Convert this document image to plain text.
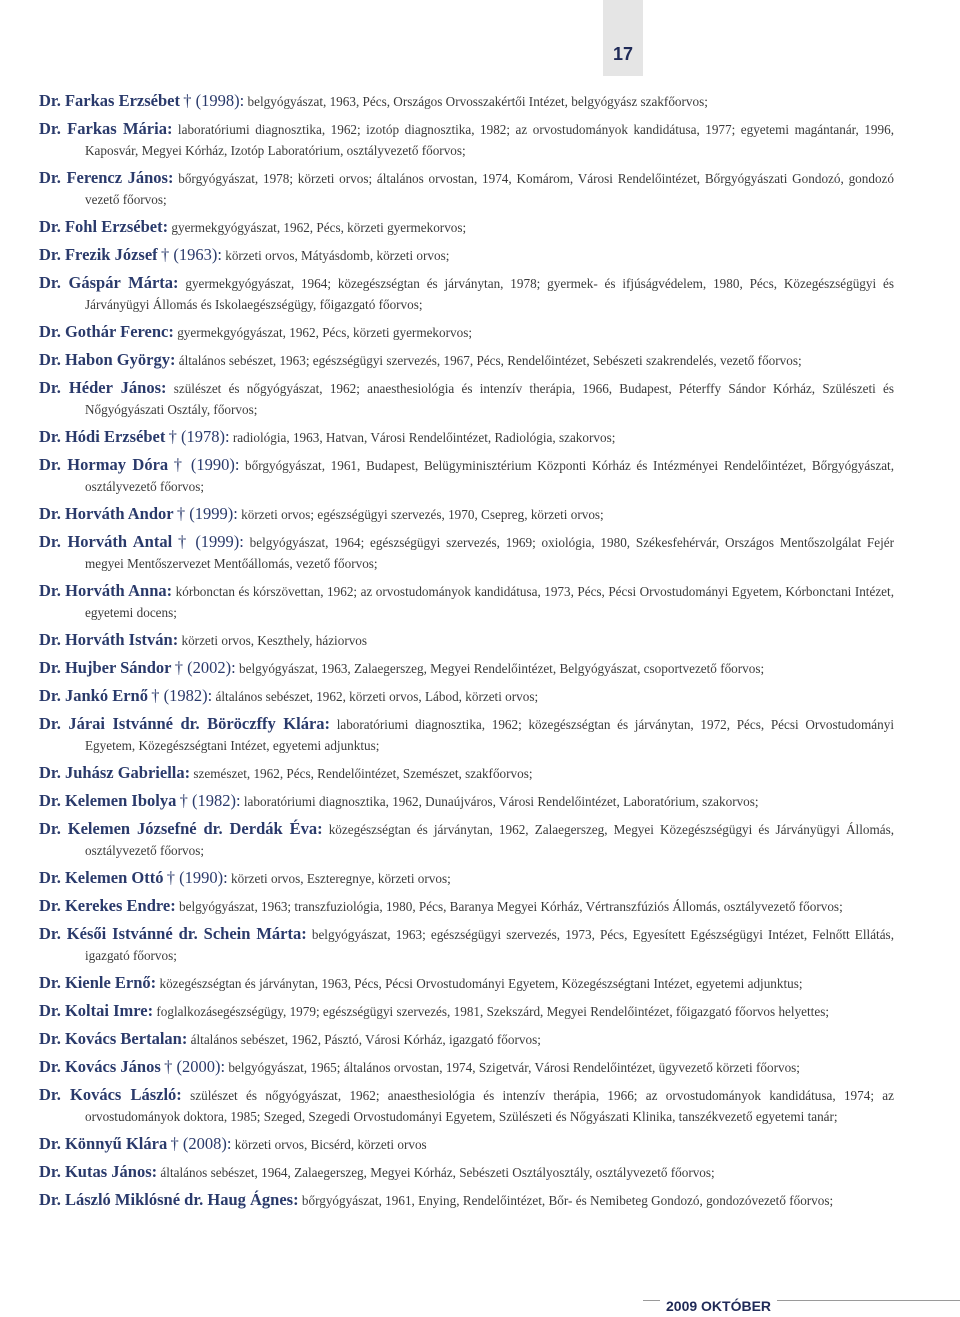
17

Dr. Farkas Erzsébet † (1998): belgyógyászat, 1963, Pécs, Országos Orvosszakértői Intézet, belgyógyász szakfőorvos;

Dr. Farkas Mária: laboratóriumi diagnosztika, 1962; izotóp diagnosztika, 1982; az orvostudományok kandidátusa, 1977; egyetemi magántanár, 1996, Kaposvár, Megyei Kórház, Izotóp Laboratórium, osztályvezető főorvos;

Dr. Ferencz János: bőrgyógyászat, 1978; körzeti orvos; általános orvostan, 1974, Komárom, Városi Rendelőintézet, Bőrgyógyászati Gondozó, gondozó vezető főorvos;

Dr. Fohl Erzsébet: gyermekgyógyászat, 1962, Pécs, körzeti gyermekorvos;

Dr. Frezik József † (1963): körzeti orvos, Mátyásdomb, körzeti orvos;

Dr. Gáspár Márta: gyermekgyógyászat, 1964; közegészségtan és járványtan, 1978; gyermek- és ifjúságvédelem, 1980, Pécs, Közegészségügyi és Járványügyi Állomás és Iskolaegészségügy, főigazgató főorvos;

Dr. Gothár Ferenc: gyermekgyógyászat, 1962, Pécs, körzeti gyermekorvos;

Dr. Habon György: általános sebészet, 1963; egészségügyi szervezés, 1967, Pécs, Rendelőintézet, Sebészeti szakrendelés, vezető főorvos;

Dr. Héder János: szülészet és nőgyógyászat, 1962; anaesthesiológia és intenzív therápia, 1966, Budapest, Péterffy Sándor Kórház, Szülészeti és Nőgyógyászati Osztály, főorvos;

Dr. Hódi Erzsébet † (1978): radiológia, 1963, Hatvan, Városi Rendelőintézet, Radiológia, szakorvos;

Dr. Hormay Dóra † (1990): bőrgyógyászat, 1961, Budapest, Belügyminisztérium Központi Kórház és Intézményei Rendelőintézet, Bőrgyógyászat, osztályvezető főorvos;

Dr. Horváth Andor † (1999): körzeti orvos; egészségügyi szervezés, 1970, Csepreg, körzeti orvos;

Dr. Horváth Antal † (1999): belgyógyászat, 1964; egészségügyi szervezés, 1969; oxiológia, 1980, Székesfehérvár, Országos Mentőszolgálat Fejér megyei Mentőszervezet Mentőállomás, vezető főorvos;

Dr. Horváth Anna: kórbonctan és kórszövettan, 1962; az orvostudományok kandidátusa, 1973, Pécs, Pécsi Orvostudományi Egyetem, Kórbonctani Intézet, egyetemi docens;

Dr. Horváth István: körzeti orvos, Keszthely, háziorvos

Dr. Hujber Sándor † (2002): belgyógyászat, 1963, Zalaegerszeg, Megyei Rendelőintézet, Belgyógyászat, csoportvezető főorvos;

Dr. Jankó Ernő † (1982): általános sebészet, 1962, körzeti orvos, Lábod, körzeti orvos;

Dr. Járai Istvánné dr. Böröczffy Klára: laboratóriumi diagnosztika, 1962; közegészségtan és járványtan, 1972, Pécs, Pécsi Orvostudományi Egyetem, Közegészségtani Intézet, egyetemi adjunktus;

Dr. Juhász Gabriella: szemészet, 1962, Pécs, Rendelőintézet, Szemészet, szakfőorvos;

Dr. Kelemen Ibolya † (1982): laboratóriumi diagnosztika, 1962, Dunaújváros, Városi Rendelőintézet, Laboratórium, szakorvos;

Dr. Kelemen Józsefné dr. Derdák Éva: közegészségtan és járványtan, 1962, Zalaegerszeg, Megyei Közegészségügyi és Járványügyi Állomás, osztályvezető főorvos;

Dr. Kelemen Ottó † (1990): körzeti orvos, Eszteregnye, körzeti orvos;

Dr. Kerekes Endre: belgyógyászat, 1963; transzfuziológia, 1980, Pécs, Baranya Megyei Kórház, Vértranszfúziós Állomás, osztályvezető főorvos;

Dr. Késői Istvánné dr. Schein Márta: belgyógyászat, 1963; egészségügyi szervezés, 1973, Pécs, Egyesített Egészségügyi Intézet, Felnőtt Ellátás, igazgató főorvos;

Dr. Kienle Ernő: közegészségtan és járványtan, 1963, Pécs, Pécsi Orvostudományi Egyetem, Közegészségtani Intézet, egyetemi adjunktus;

Dr. Koltai Imre: foglalkozásegészségügy, 1979; egészségügyi szervezés, 1981, Szekszárd, Megyei Rendelőintézet, főigazgató főorvos helyettes;

Dr. Kovács Bertalan: általános sebészet, 1962, Pásztó, Városi Kórház, igazgató főorvos;

Dr. Kovács János † (2000): belgyógyászat, 1965; általános orvostan, 1974, Szigetvár, Városi Rendelőintézet, ügyvezető körzeti főorvos;

Dr. Kovács László: szülészet és nőgyógyászat, 1962; anaesthesiológia és intenzív therápia, 1966; az orvostudományok kandidátusa, 1974; az orvostudományok doktora, 1985; Szeged, Szegedi Orvostudományi Egyetem, Szülészeti és Nőgyászati Klinika, tanszékvezető egyetemi tanár;

Dr. Könnyű Klára † (2008): körzeti orvos, Bicsérd, körzeti orvos

Dr. Kutas János: általános sebészet, 1964, Zalaegerszeg, Megyei Kórház, Sebészeti Osztályosztály, osztályvezető főorvos;

Dr. László Miklósné dr. Haug Ágnes: bőrgyógyászat, 1961, Enying, Rendelőintézet, Bőr- és Nemibeteg Gondozó, gondozóvezető főorvos;

2009 OKTÓBER
